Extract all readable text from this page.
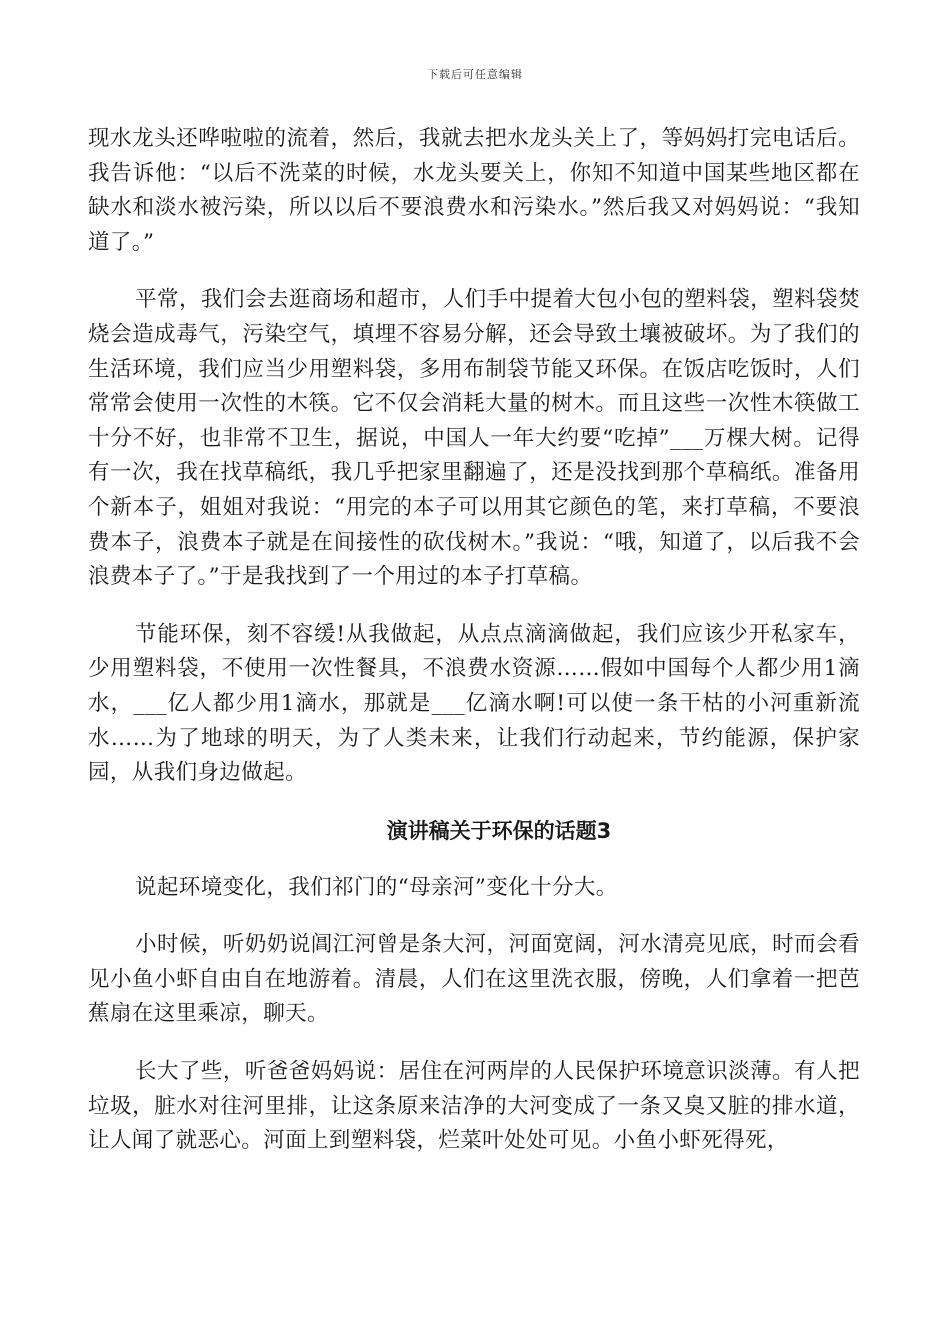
下载后可任意编辑

现水龙头还哗啦啦的流着，然后，我就去把水龙头关上了，等妈妈打完电话后。我告诉他：“以后不洗菜的时候，水龙头要关上，你知不知道中国某些地区都在缺水和淡水被污染，所以以后不要浪费水和污染水。”然后我又对妈妈说：“我知道了。”

平常，我们会去逛商场和超市，人们手中提着大包小包的塑料袋，塑料袋焚烧会造成毒气，污染空气，填埋不容易分解，还会导致土壤被破坏。为了我们的生活环境，我们应当少用塑料袋，多用布制袋节能又环保。在饭店吃饭时，人们常常会使用一次性的木筷。它不仅会消耗大量的树木。而且这些一次性木筷做工十分不好，也非常不卫生，据说，中国人一年大约要“吃掉”___万棵大树。记得有一次，我在找草稿纸，我几乎把家里翻遍了，还是没找到那个草稿纸。准备用个新本子，姐姐对我说：“用完的本子可以用其它颜色的笔，来打草稿，不要浪费本子，浪费本子就是在间接性的砍伐树木。”我说：“哦，知道了，以后我不会浪费本子了。”于是我找到了一个用过的本子打草稿。

节能环保，刻不容缓!从我做起，从点点滴滴做起，我们应该少开私家车，少用塑料袋，不使用一次性餐具，不浪费水资源……假如中国每个人都少用1滴水，___亿人都少用1滴水，那就是___亿滴水啊!可以使一条干枯的小河重新流水……为了地球的明天，为了人类未来，让我们行动起来，节约能源，保护家园，从我们身边做起。

演讲稿关于环保的话题3

说起环境变化，我们祁门的“母亲河”变化十分大。

小时候，听奶奶说阊江河曾是条大河，河面宽阔，河水清亮见底，时而会看见小鱼小虾自由自在地游着。清晨，人们在这里洗衣服，傍晚，人们拿着一把芭蕉扇在这里乘凉，聊天。

长大了些，听爸爸妈妈说：居住在河两岸的人民保护环境意识淡薄。有人把垃圾，脏水对往河里排，让这条原来洁净的大河变成了一条又臭又脏的排水道，让人闻了就恶心。河面上到塑料袋，烂菜叶处处可见。小鱼小虾死得死，
